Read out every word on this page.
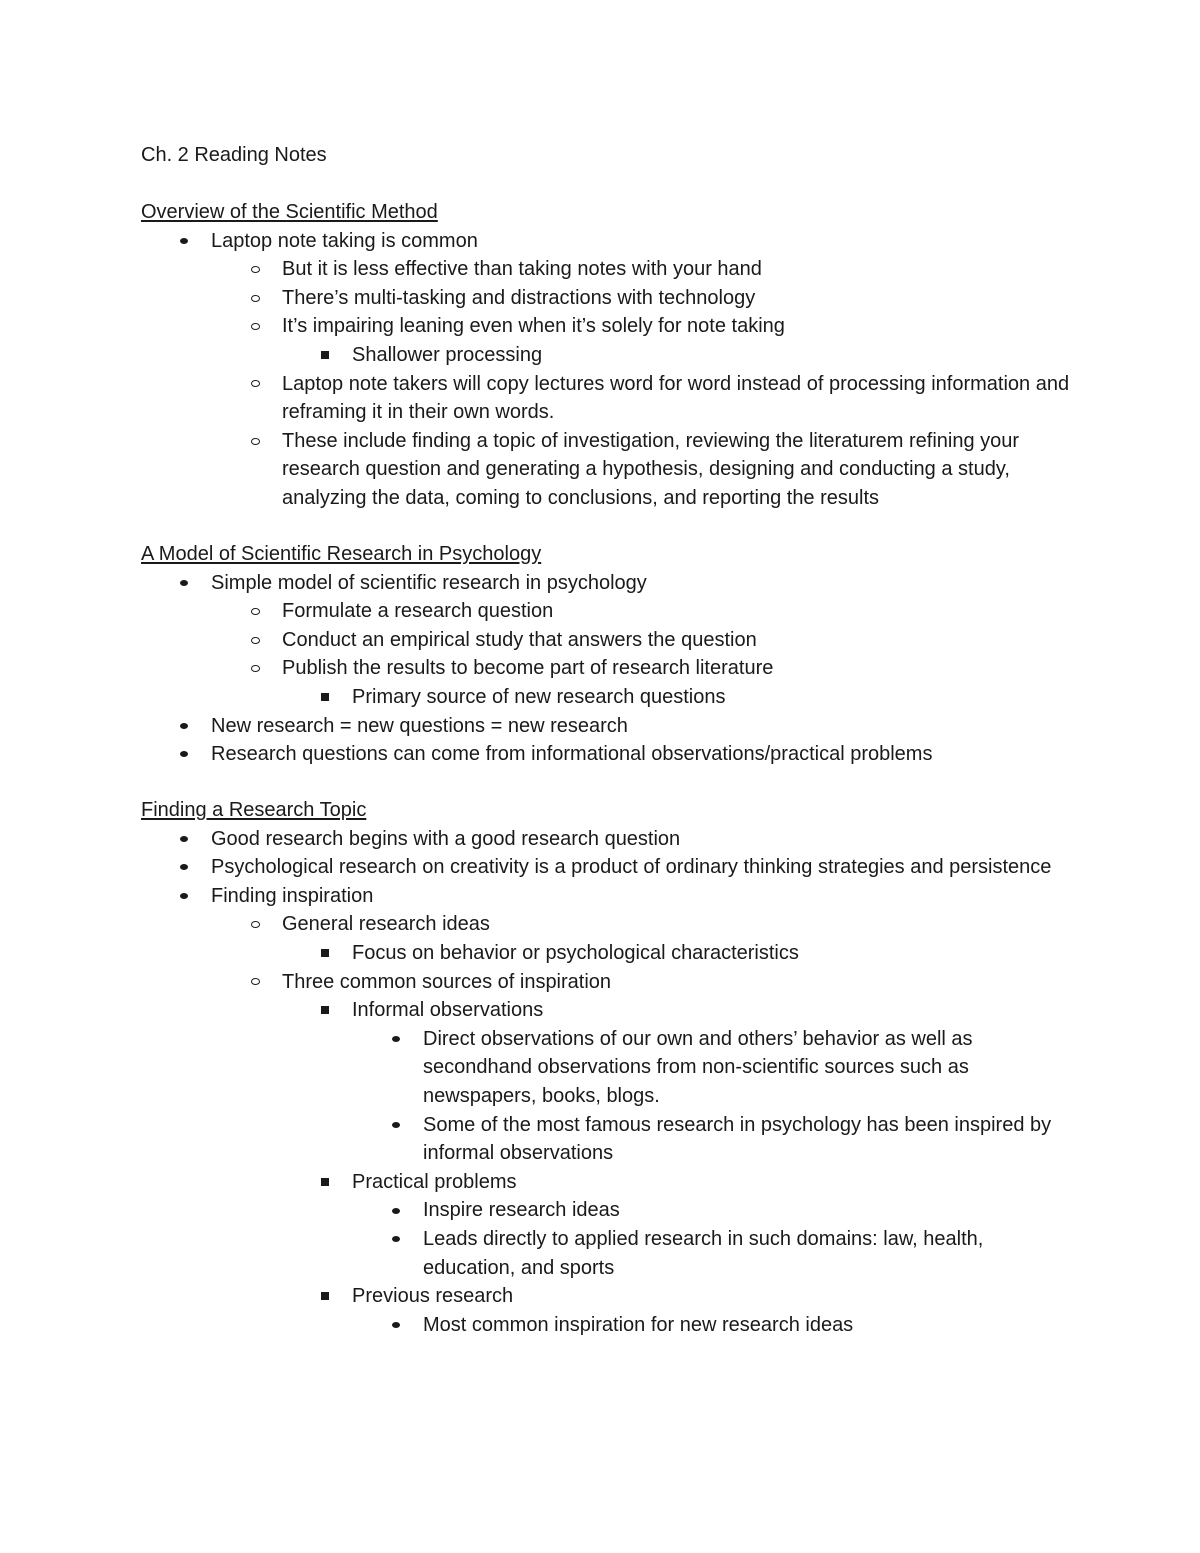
Ch. 2 Reading Notes
Overview of the Scientific Method
Laptop note taking is common
But it is less effective than taking notes with your hand
There’s multi-tasking and distractions with technology
It’s impairing leaning even when it’s solely for note taking
Shallower processing
Laptop note takers will copy lectures word for word instead of processing information and reframing it in their own words.
These include finding a topic of investigation, reviewing the literaturem refining your research question and generating a hypothesis, designing and conducting a study, analyzing the data, coming to conclusions, and reporting the results
A Model of Scientific Research in Psychology
Simple model of scientific research in psychology
Formulate a research question
Conduct an empirical study that answers the question
Publish the results to become part of research literature
Primary source of new research questions
New research = new questions = new research
Research questions can come from informational observations/practical problems
Finding a Research Topic
Good research begins with a good research question
Psychological research on creativity is a product of ordinary thinking strategies and persistence
Finding inspiration
General research ideas
Focus on behavior or psychological characteristics
Three common sources of inspiration
Informal observations
Direct observations of our own and others’ behavior as well as secondhand observations from non-scientific sources such as newspapers, books, blogs.
Some of the most famous research in psychology has been inspired by informal observations
Practical problems
Inspire research ideas
Leads directly to applied research in such domains: law, health, education, and sports
Previous research
Most common inspiration for new research ideas
